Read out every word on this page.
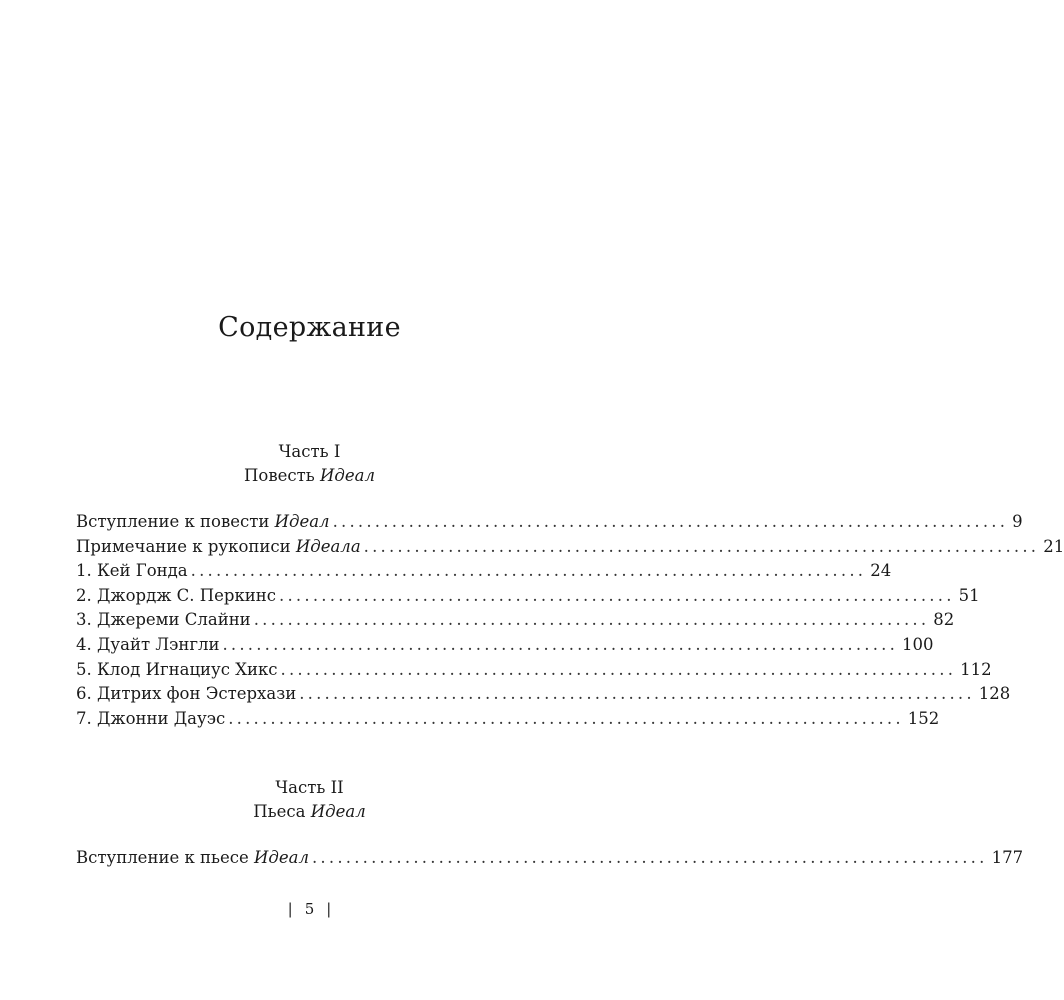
Содержание
Часть I
Повесть Идеал
Вступление к повести Идеал ................................................................................ 9
Примечание к рукописи Идеала ................................................................................ 21
1. Кей Гонда ................................................................................ 24
2. Джордж С. Перкинс ................................................................................ 51
3. Джереми Слайни ................................................................................ 82
4. Дуайт Лэнгли ................................................................................ 100
5. Клод Игнациус Хикс ................................................................................ 112
6. Дитрих фон Эстерхази ................................................................................ 128
7. Джонни Дауэс ................................................................................ 152
Часть II
Пьеса Идеал
Вступление к пьесе Идеал ................................................................................ 177
| 5 |
